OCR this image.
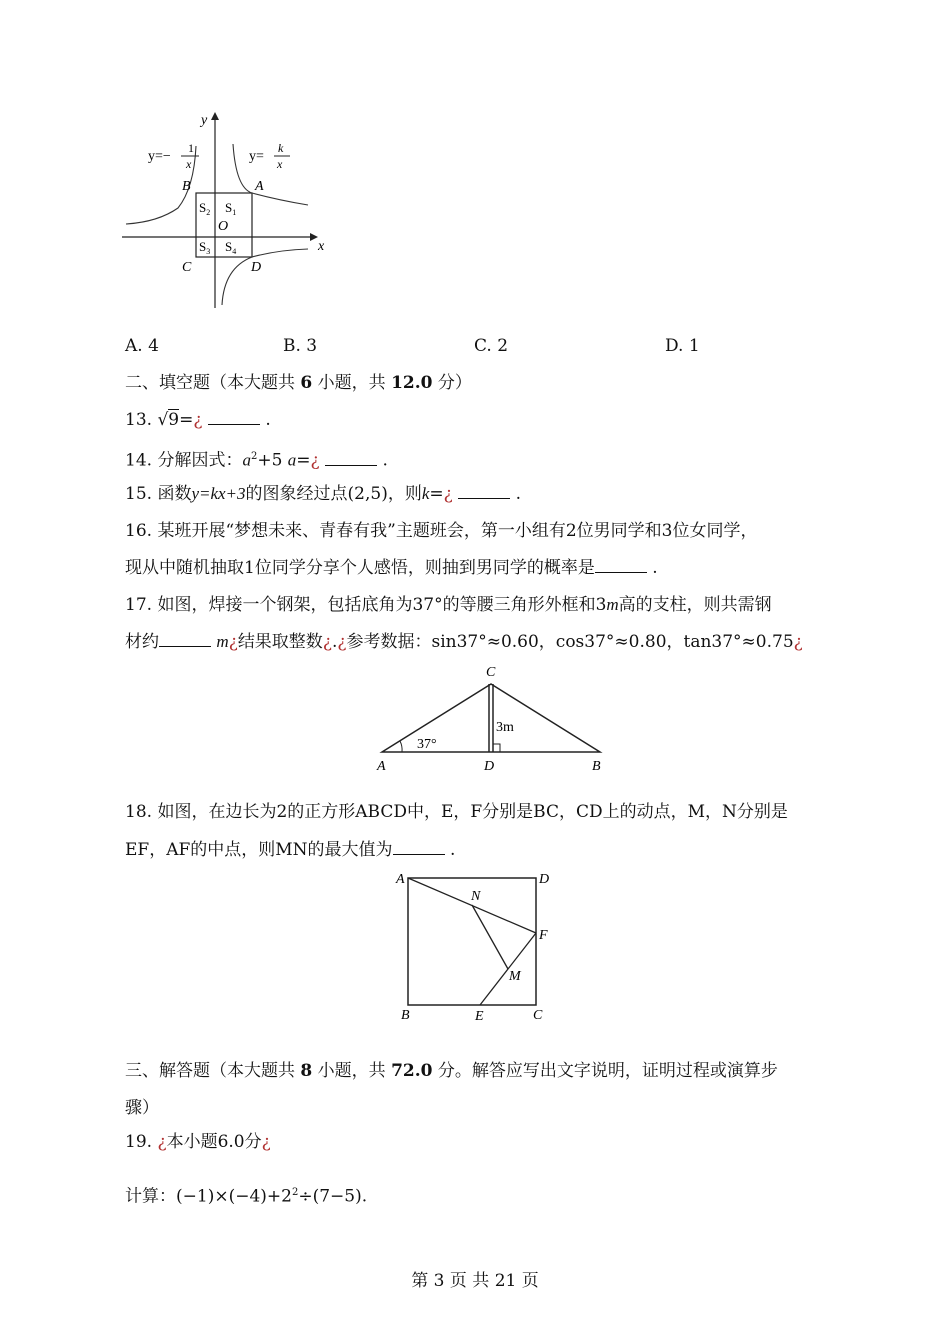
x
y
y=−
1
x	y=
k
x
B	A
C	D
O
$S_2$ $S_1$
$S_3$ $S_4$
A. 4	B. 3	C. 2	D. 1
二、填空题（本大题共 6 小题，共 12.0 分）
13. √9=¿	.
14. 分解因式：$a^2+5$ a=¿	.
15. 函数y=kx+3的图象经过点(2,5)，则k=¿	.
16. 某班开展“梦想未来、青春有我”主题班会，第一小组有2位男同学和3位女同学，
现从中随机抽取1位同学分享个人感悟，则抽到男同学的概率是	.
17. 如图，焊接一个钢架，包括底角为37°的等腰三角形外框和3m高的支柱，则共需钢
材约	m¿结果取整数¿.¿参考数据：sin37°≈0.60，cos37°≈0.80，tan37°≈0.75¿
37°
3m
C
A	D	B
18. 如图，在边长为2的正方形ABCD中，E，F分别是BC，CD上的动点，M，N分别是
EF，AF的中点，则MN的最大值为	.
A	D
B	C
E
F
N
M
三、解答题（本大题共 8 小题，共 72.0 分。解答应写出文字说明，证明过程或演算步
骤）
19. ¿本小题6.0分¿
计算：$(-1)\times(-4)+2^2\div(7-5)$.
第 3 页 共 21 页
